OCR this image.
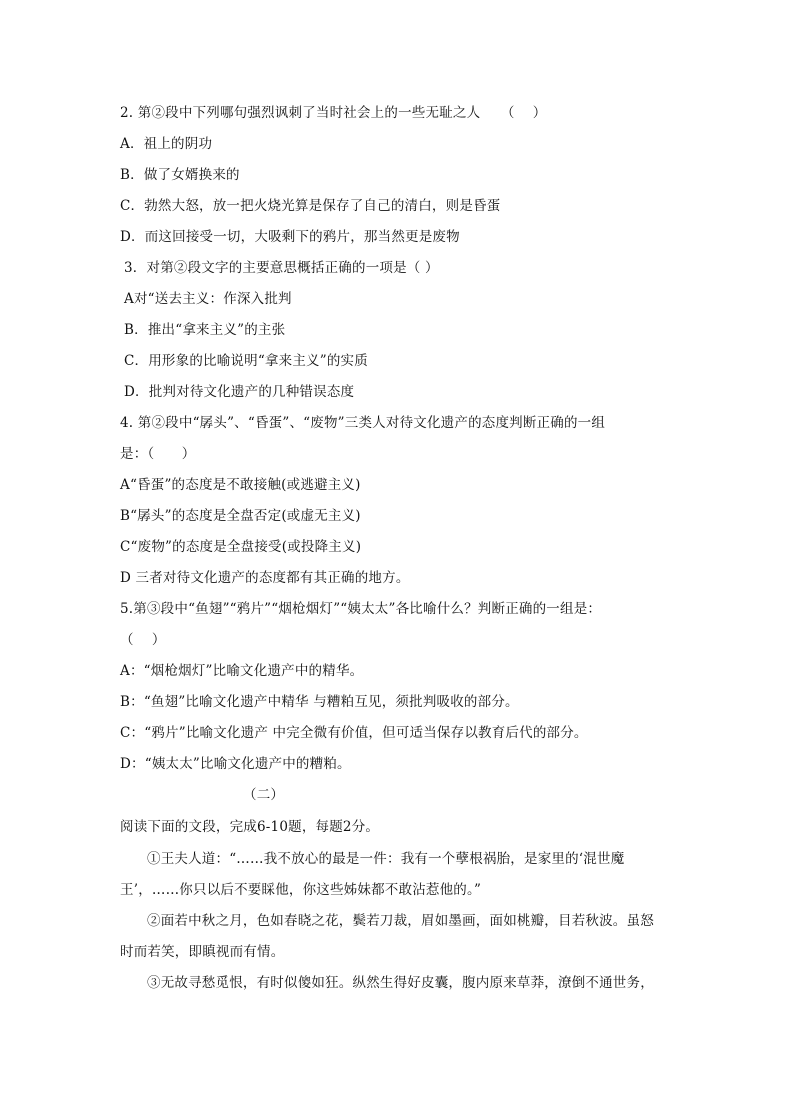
2. 第②段中下列哪句强烈讽刺了当时社会上的一些无耻之人　　（　 ）
A．祖上的阴功
B．做了女婿换来的
C．勃然大怒，放一把火烧光算是保存了自己的清白，则是昏蛋
D．而这回接受一切，大吸剩下的鸦片，那当然更是废物
3．对第②段文字的主要意思概括正确的一项是（ ）
A对“送去主义：作深入批判
B．推出“拿来主义”的主张
C．用形象的比喻说明“拿来主义”的实质
D．批判对待文化遗产的几种错误态度
4. 第②段中“孱头”、“昏蛋”、“废物”三类人对待文化遗产的态度判断正确的一组
是：（　　）
A“昏蛋”的态度是不敢接触(或逃避主义)
B“孱头”的态度是全盘否定(或虚无主义)
C“废物”的态度是全盘接受(或投降主义)
D 三者对待文化遗产的态度都有其正确的地方。
5.第③段中“鱼翅”“鸦片”“烟枪烟灯”“姨太太”各比喻什么？判断正确的一组是：
（　 ）
A：“烟枪烟灯”比喻文化遗产中的精华。
B：“鱼翅”比喻文化遗产中精华 与糟粕互见，须批判吸收的部分。
C：“鸦片”比喻文化遗产 中完全微有价值，但可适当保存以教育后代的部分。
D：“姨太太”比喻文化遗产中的糟粕。
（二）
阅读下面的文段，完成6-10题，每题2分。
①王夫人道：“……我不放心的最是一件：我有一个孽根祸胎，是家里的‘混世魔
王’，……你只以后不要睬他，你这些姊妹都不敢沾惹他的。”
②面若中秋之月，色如春晓之花，鬓若刀裁，眉如墨画，面如桃瓣，目若秋波。虽怒
时而若笑，即瞋视而有情。
③无故寻愁觅恨，有时似傻如狂。纵然生得好皮囊，腹内原来草莽，潦倒不通世务，
